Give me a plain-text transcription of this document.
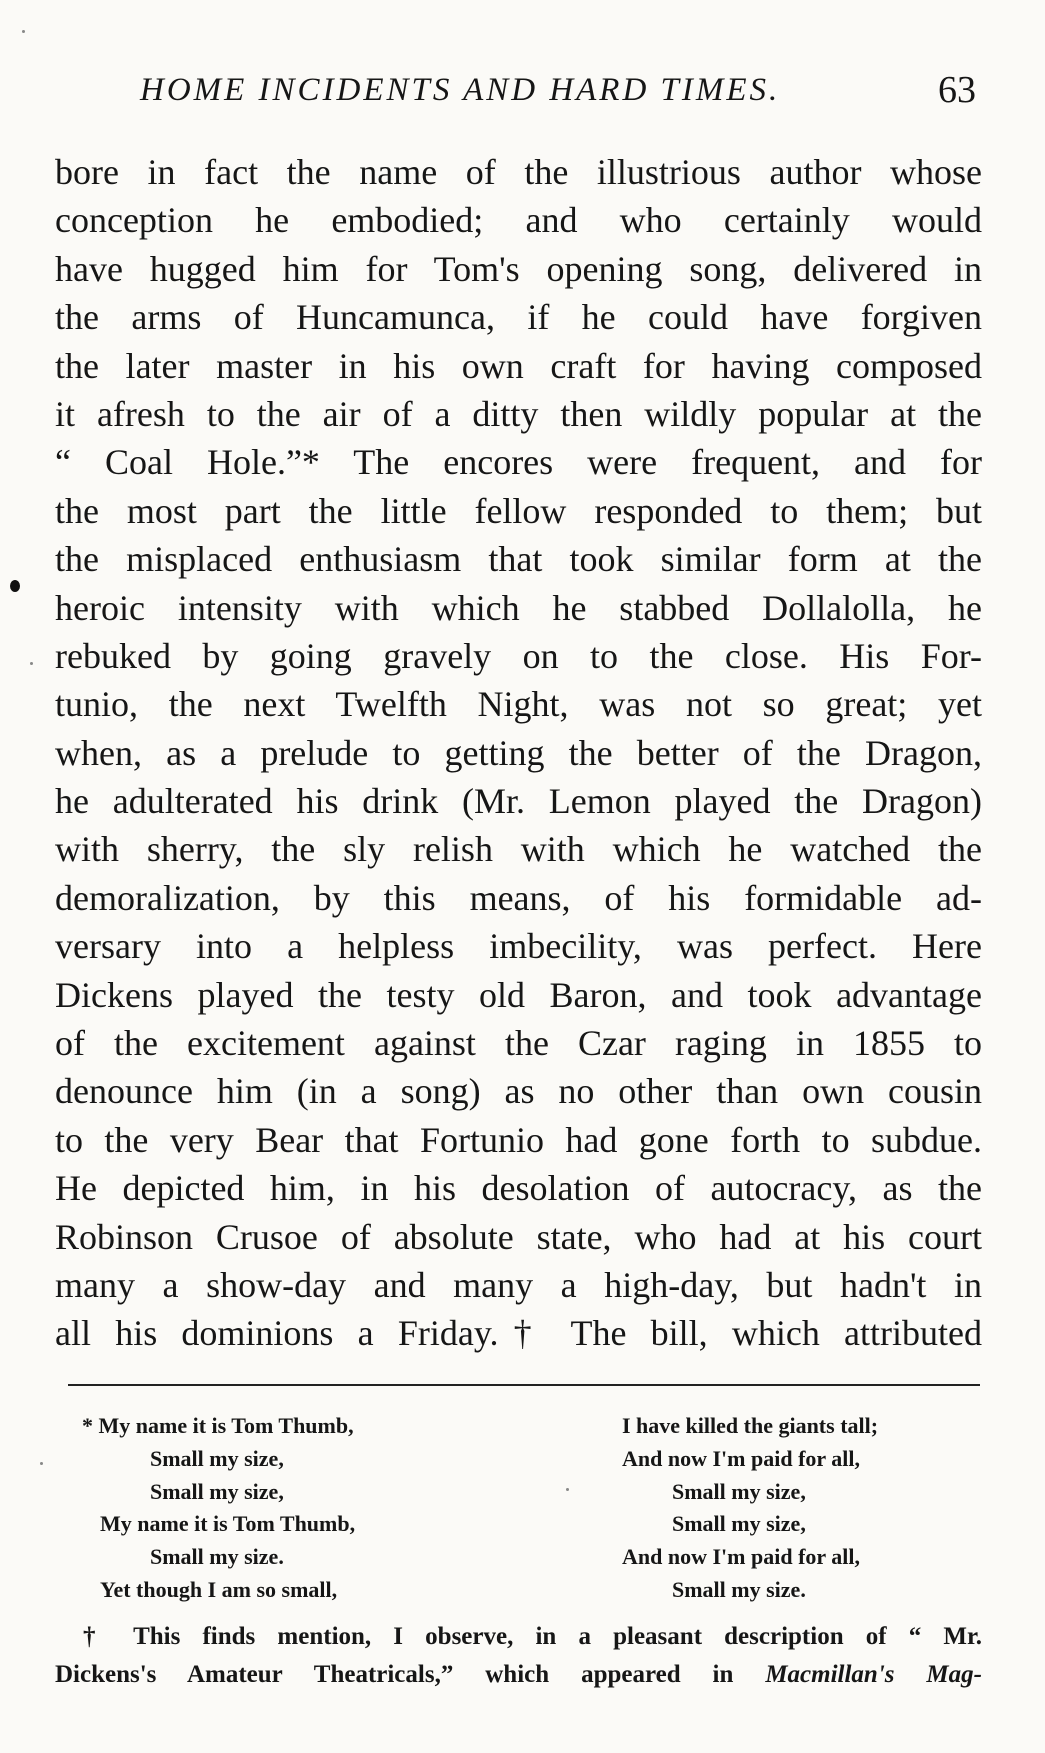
HOME INCIDENTS AND HARD TIMES.	63
bore in fact the name of the illustrious author whose
conception he embodied; and who certainly would
have hugged him for Tom's opening song, delivered in
the arms of Huncamunca, if he could have forgiven
the later master in his own craft for having composed
it afresh to the air of a ditty then wildly popular at the
“ Coal Hole.”* The encores were frequent, and for
the most part the little fellow responded to them; but
the misplaced enthusiasm that took similar form at the
heroic intensity with which he stabbed Dollalolla, he
rebuked by going gravely on to the close. His For-
tunio, the next Twelfth Night, was not so great; yet
when, as a prelude to getting the better of the Dragon,
he adulterated his drink (Mr. Lemon played the Dragon)
with sherry, the sly relish with which he watched the
demoralization, by this means, of his formidable ad-
versary into a helpless imbecility, was perfect. Here
Dickens played the testy old Baron, and took advantage
of the excitement against the Czar raging in 1855 to
denounce him (in a song) as no other than own cousin
to the very Bear that Fortunio had gone forth to subdue.
He depicted him, in his desolation of autocracy, as the
Robinson Crusoe of absolute state, who had at his court
many a show-day and many a high-day, but hadn't in
all his dominions a Friday.† The bill, which attributed
* My name it is Tom Thumb,
Small my size,
Small my size,
My name it is Tom Thumb,
Small my size.
Yet though I am so small,
I have killed the giants tall;
And now I'm paid for all,
Small my size,
Small my size,
And now I'm paid for all,
Small my size.
† This finds mention, I observe, in a pleasant description of “ Mr.
Dickens's Amateur Theatricals,” which appeared in Macmillan's Mag-
